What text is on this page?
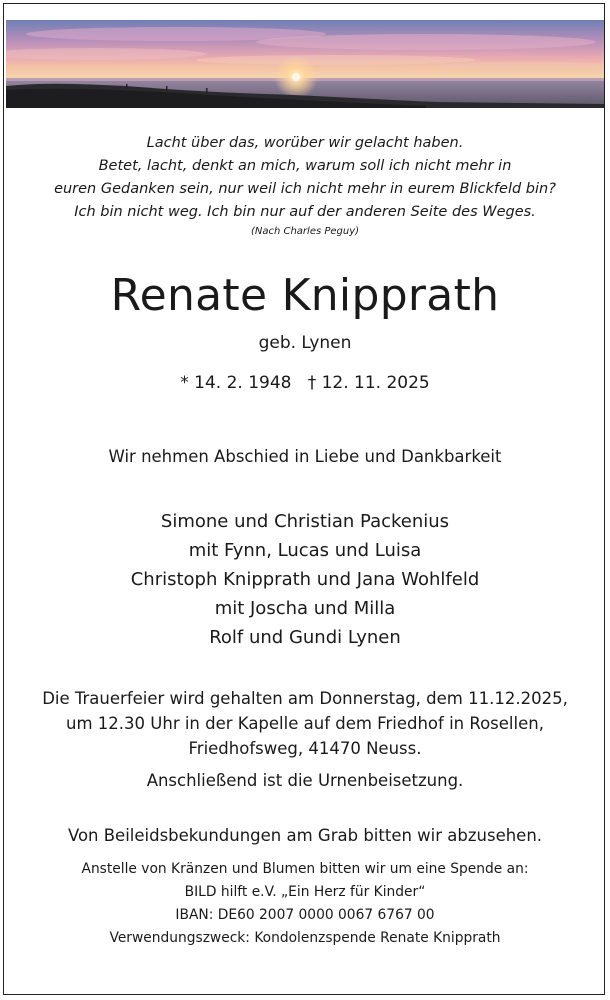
Lacht über das, worüber wir gelacht haben.
Betet, lacht, denkt an mich, warum soll ich nicht mehr in
euren Gedanken sein, nur weil ich nicht mehr in eurem Blickfeld bin?
Ich bin nicht weg. Ich bin nur auf der anderen Seite des Weges.
(Nach Charles Peguy)
Renate Knipprath
geb. Lynen
* 14. 2. 1948   † 12. 11. 2025
Wir nehmen Abschied in Liebe und Dankbarkeit
Simone und Christian Packenius
mit Fynn, Lucas und Luisa
Christoph Knipprath und Jana Wohlfeld
mit Joscha und Milla
Rolf und Gundi Lynen
Die Trauerfeier wird gehalten am Donnerstag, dem 11.12.2025,
um 12.30 Uhr in der Kapelle auf dem Friedhof in Rosellen,
Friedhofsweg, 41470 Neuss.
Anschließend ist die Urnenbeisetzung.
Von Beileidsbekundungen am Grab bitten wir abzusehen.
Anstelle von Kränzen und Blumen bitten wir um eine Spende an:
BILD hilft e.V. „Ein Herz für Kinder“
IBAN: DE60 2007 0000 0067 6767 00
Verwendungszweck: Kondolenzspende Renate Knipprath
